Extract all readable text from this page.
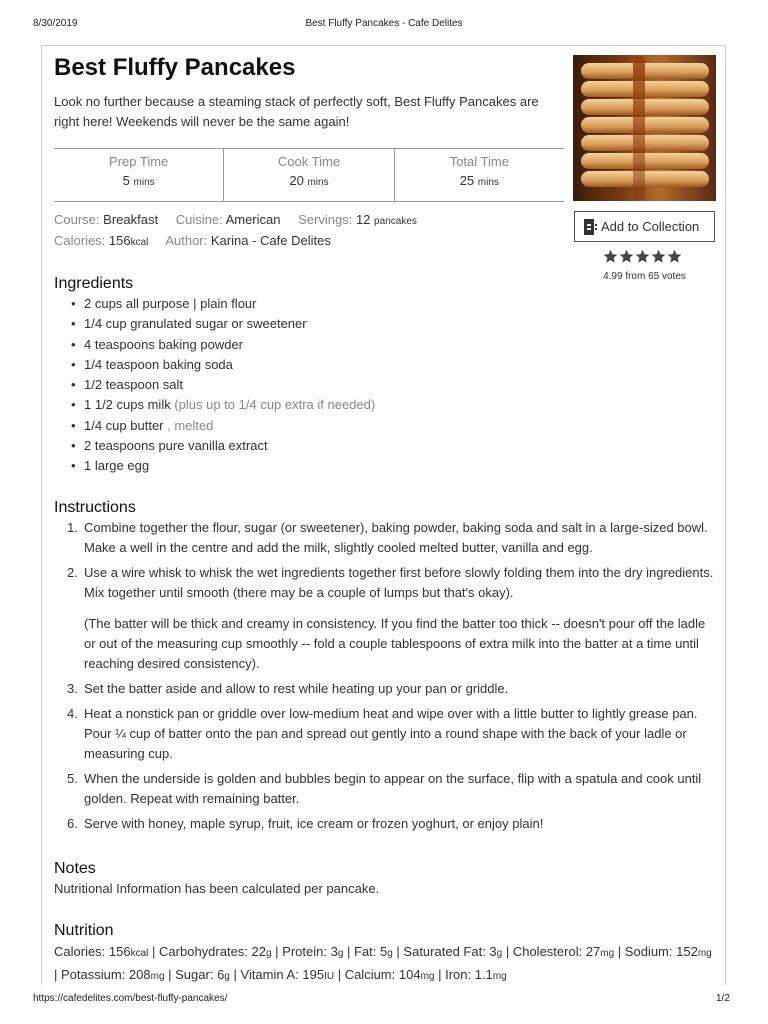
8/30/2019	Best Fluffy Pancakes - Cafe Delites
Best Fluffy Pancakes

Look no further because a steaming stack of perfectly soft, Best Fluffy Pancakes are right here! Weekends will never be the same again!

Prep Time
5 mins
Cook Time
20 mins
Total Time
25 mins
Course: Breakfast Cuisine: American Servings: 12 pancakes
Calories: 156kcal Author: Karina - Cafe Delites
Add to Collection
4.99 from 65 votes
Ingredients
• 2 cups all purpose | plain flour
• 1/4 cup granulated sugar or sweetener
• 4 teaspoons baking powder
• 1/4 teaspoon baking soda
• 1/2 teaspoon salt
• 1 1/2 cups milk (plus up to 1/4 cup extra if needed)
• 1/4 cup butter , melted
• 2 teaspoons pure vanilla extract
• 1 large egg
Instructions
1. Combine together the flour, sugar (or sweetener), baking powder, baking soda and salt in a large-sized bowl. Make a well in the centre and add the milk, slightly cooled melted butter, vanilla and egg.
2. Use a wire whisk to whisk the wet ingredients together first before slowly folding them into the dry ingredients. Mix together until smooth (there may be a couple of lumps but that's okay).
(The batter will be thick and creamy in consistency. If you find the batter too thick -- doesn't pour off the ladle or out of the measuring cup smoothly -- fold a couple tablespoons of extra milk into the batter at a time until reaching desired consistency).
3. Set the batter aside and allow to rest while heating up your pan or griddle.
4. Heat a nonstick pan or griddle over low-medium heat and wipe over with a little butter to lightly grease pan. Pour ¼ cup of batter onto the pan and spread out gently into a round shape with the back of your ladle or measuring cup.
5. When the underside is golden and bubbles begin to appear on the surface, flip with a spatula and cook until golden. Repeat with remaining batter.
6. Serve with honey, maple syrup, fruit, ice cream or frozen yoghurt, or enjoy plain!
Notes
Nutritional Information has been calculated per pancake.
Nutrition
Calories: 156kcal | Carbohydrates: 22g | Protein: 3g | Fat: 5g | Saturated Fat: 3g | Cholesterol: 27mg | Sodium: 152mg | Potassium: 208mg | Sugar: 6g | Vitamin A: 195IU | Calcium: 104mg | Iron: 1.1mg
https://cafedelites.com/best-fluffy-pancakes/	1/2
